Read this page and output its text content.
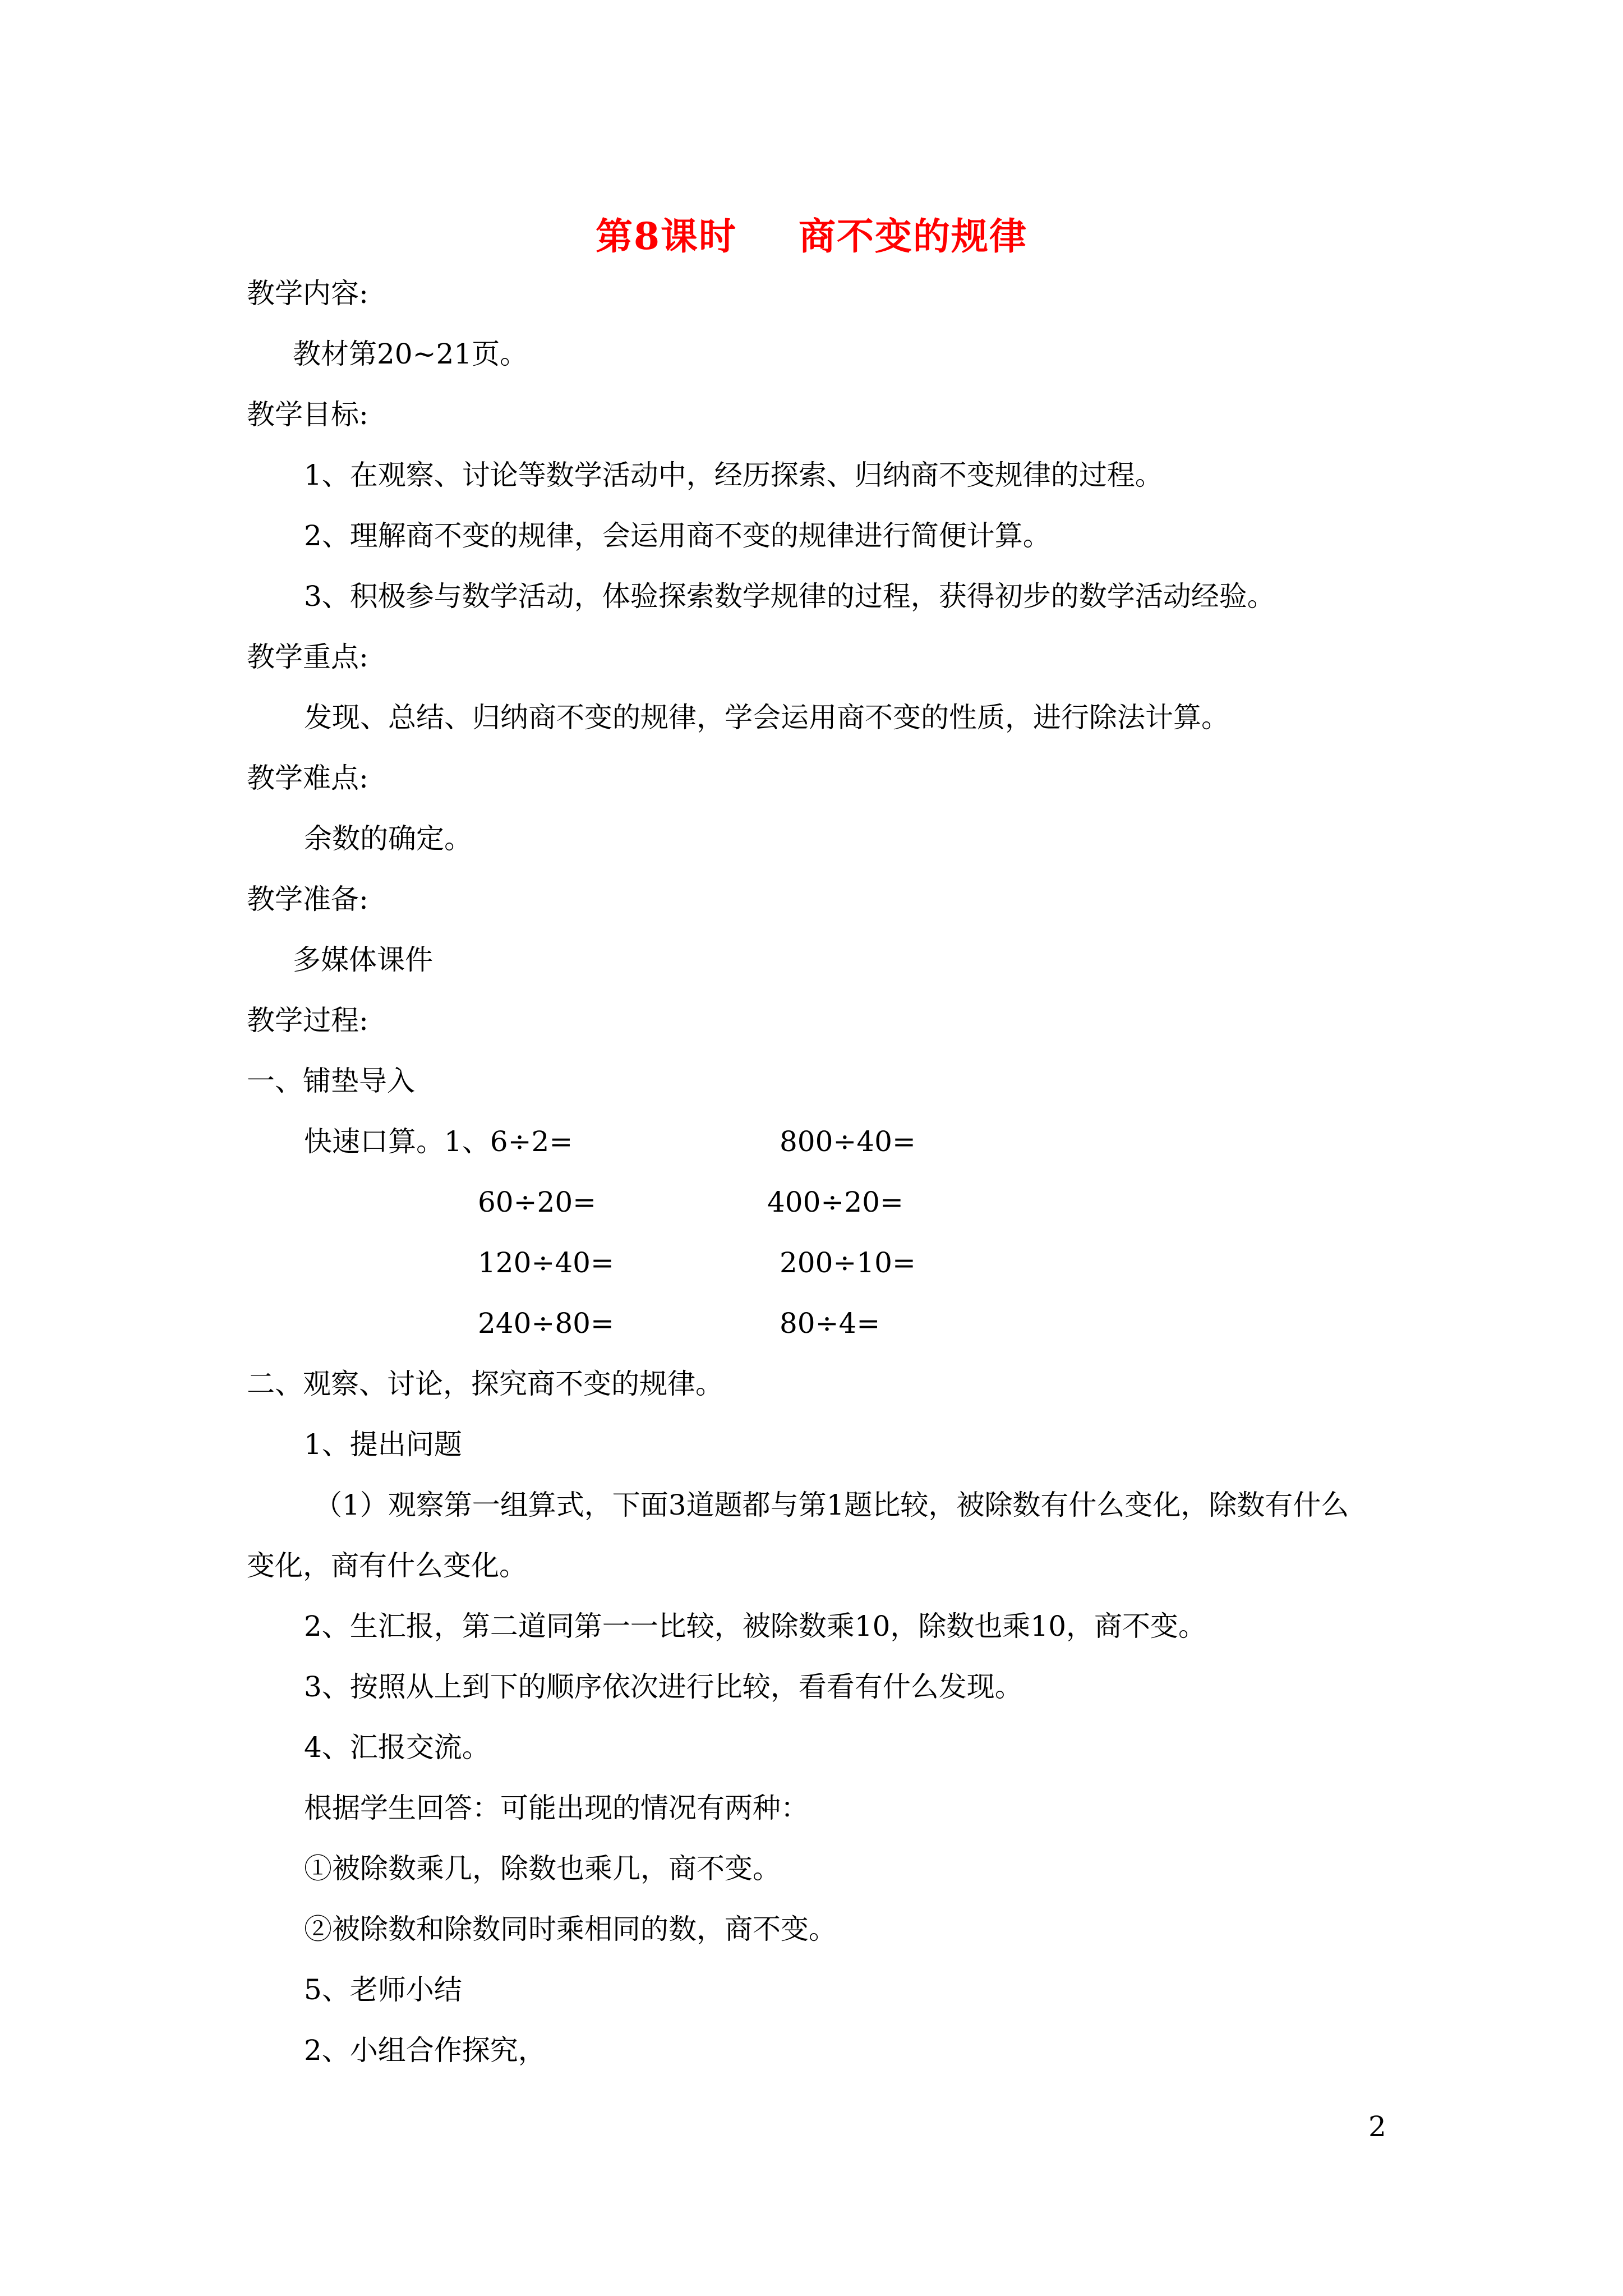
第8课时 商不变的规律
教学内容:
教材第20~21页。
教学目标:
1、在观察、讨论等数学活动中，经历探索、归纳商不变规律的过程。
2、理解商不变的规律，会运用商不变的规律进行简便计算。
3、积极参与数学活动，体验探索数学规律的过程，获得初步的数学活动经验。
教学重点:
发现、总结、归纳商不变的规律，学会运用商不变的性质，进行除法计算。
教学难点:
余数的确定。
教学准备:
多媒体课件
教学过程:
一、铺垫导入
快速口算。1、6÷2=	800÷40=
60÷20=	400÷20=
120÷40=	200÷10=
240÷80=	80÷4=
二、观察、讨论，探究商不变的规律。
1、提出问题
（1）观察第一组算式，下面3道题都与第1题比较，被除数有什么变化，除数有什么
变化，商有什么变化。
2、生汇报，第二道同第一一比较，被除数乘10，除数也乘10，商不变。
3、按照从上到下的顺序依次进行比较，看看有什么发现。
4、汇报交流。
根据学生回答：可能出现的情况有两种：
①被除数乘几，除数也乘几，商不变。
②被除数和除数同时乘相同的数，商不变。
5、老师小结
2、小组合作探究，
2
